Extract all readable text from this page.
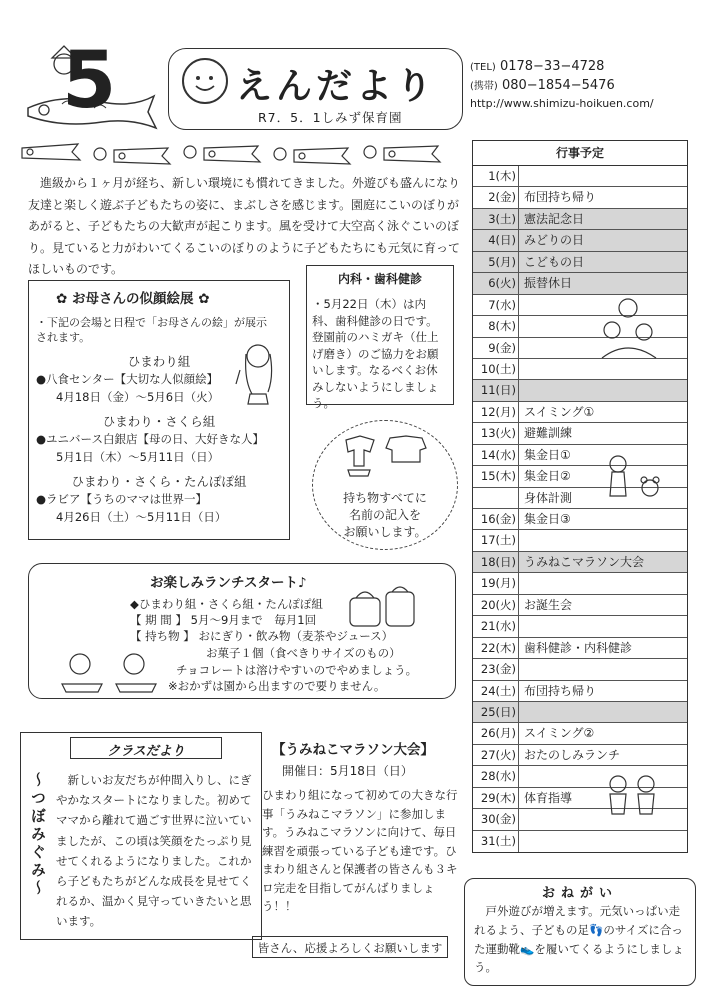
5	えんだより
R7．5．1しみず保育園
(TEL) 0178−33−4728
(携帯) 080−1854−5476
http://www.shimizu-hoikuen.com/
進級から１ヶ月が経ち、新しい環境にも慣れてきました。外遊びも盛んになり友達と楽しく遊ぶ子どもたちの姿に、まぶしさを感じます。園庭にこいのぼりがあがると、子どもたちの大歓声が起こります。風を受けて大空高く泳ぐこいのぼり。見ていると力がわいてくるこいのぼりのように子どもたちにも元気に育ってほしいものです。
✿ お母さんの似顔絵展 ✿
・下記の会場と日程で「お母さんの絵」が展示されます。
ひまわり組
●八食センター【大切な人似顔絵】
4月18日（金）〜5月6日（火）
ひまわり・さくら組
●ユニバース白銀店【母の日、大好きな人】
5月1日（木）〜5月11日（日）
ひまわり・さくら・たんぽぽ組
●ラビア【うちのママは世界一】
4月26日（土）〜5月11日（日）
内科・歯科健診
・5月22日（木）は内科、歯科健診の日です。登園前のハミガキ（仕上げ磨き）のご協力をお願いします。なるべくお休みしないようにしましょう。
持ち物すべてに
名前の記入を
お願いします。
お楽しみランチスタート♪
◆ひまわり組・さくら組・たんぽぽ組
【 期 間 】 5月〜9月まで　毎月1回
【 持ち物 】 おにぎり・飲み物（麦茶やジュース）
お菓子１個（食べきりサイズのもの）
チョコレートは溶けやすいのでやめましょう。
※おかずは園から出ますので要りません。
クラスだより
〜つぼみぐみ〜	新しいお友だちが仲間入りし、にぎやかなスタートになりました。初めてママから離れて過ごす世界に泣いていましたが、この頃は笑顔をたっぷり見せてくれるようになりました。これから子どもたちがどんな成長を見せてくれるか、温かく見守っていきたいと思います。
【うみねこマラソン大会】
開催日：5月18日（日）
ひまわり組になって初めての大きな行事「うみねこマラソン」に参加します。うみねこマラソンに向けて、毎日練習を頑張っている子ども達です。ひまわり組さんと保護者の皆さんも３キロ完走を目指してがんばりましょう！！
皆さん、応援よろしくお願いします
行事予定
1(木)
2(金) 布団持ち帰り
3(土) 憲法記念日
4(日) みどりの日
5(月) こどもの日
6(火) 振替休日
7(水)
8(木)
9(金)
10(土)
11(日)
12(月) スイミング①
13(火) 避難訓練
14(水) 集金日①
15(木) 集金日②
身体計測
16(金) 集金日③
17(土)
18(日) うみねこマラソン大会
19(月)
20(火) お誕生会
21(水)
22(木) 歯科健診・内科健診
23(金)
24(土) 布団持ち帰り
25(日)
26(月) スイミング②
27(火) おたのしみランチ
28(水)
29(木) 体育指導
30(金)
31(土)
おねがい
戸外遊びが増えます。元気いっぱい走れるよう、子どもの足👣のサイズに合った運動靴👟を履いてくるようにしましょう。
